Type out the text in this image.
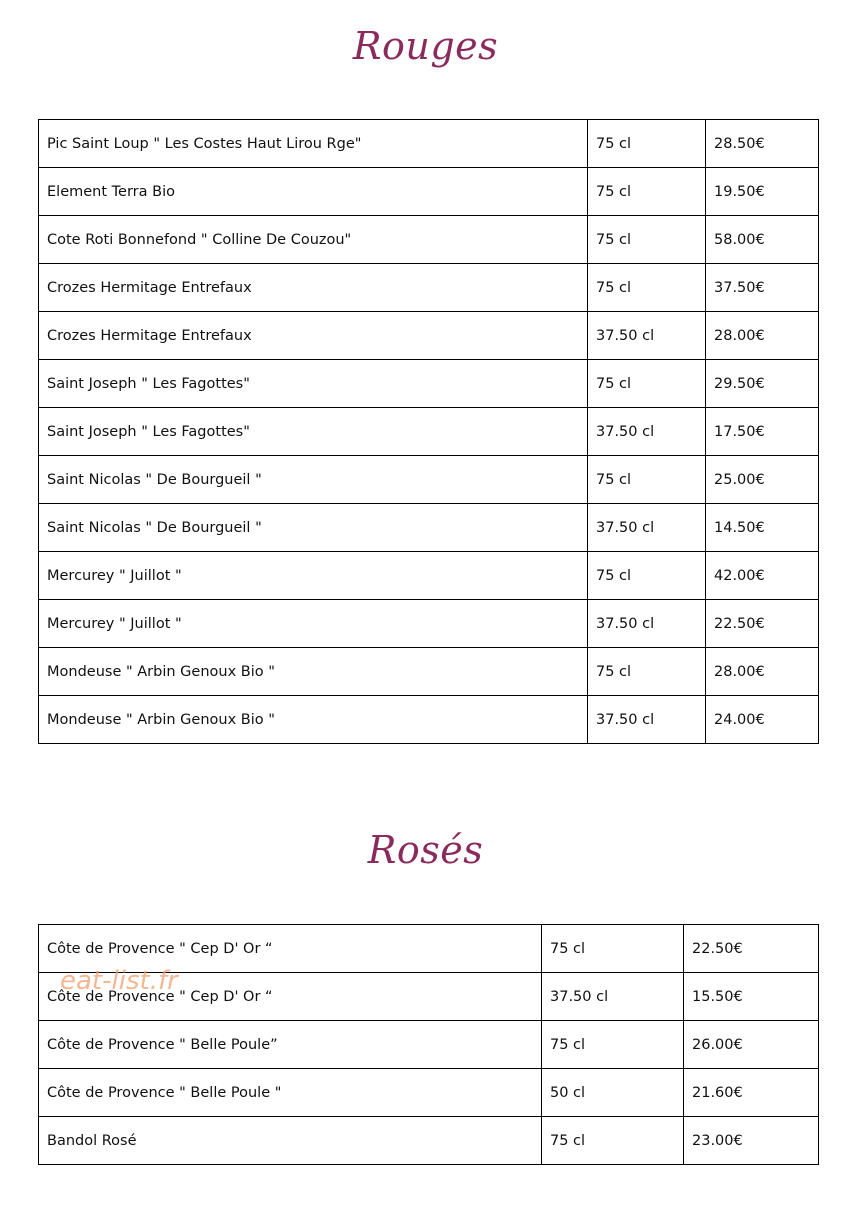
Rouges
Pic Saint Loup " Les Costes Haut Lirou Rge"	75 cl	28.50€
Element Terra Bio	75 cl	19.50€
Cote Roti Bonnefond " Colline De Couzou"	75 cl	58.00€
Crozes Hermitage Entrefaux	75 cl	37.50€
Crozes Hermitage Entrefaux	37.50 cl	28.00€
Saint Joseph " Les Fagottes"	75 cl	29.50€
Saint Joseph " Les Fagottes"	37.50 cl	17.50€
Saint Nicolas " De Bourgueil "	75 cl	25.00€
Saint Nicolas " De Bourgueil "	37.50 cl	14.50€
Mercurey " Juillot "	75 cl	42.00€
Mercurey " Juillot "	37.50 cl	22.50€
Mondeuse " Arbin Genoux Bio "	75 cl	28.00€
Mondeuse " Arbin Genoux Bio "	37.50 cl	24.00€
Rosés
Côte de Provence " Cep D' Or “	75 cl	22.50€
Côte de Provence " Cep D' Or “	37.50 cl	15.50€
Côte de Provence " Belle Poule”	75 cl	26.00€
Côte de Provence " Belle Poule "	50 cl	21.60€
Bandol Rosé	75 cl	23.00€
eat-list.fr
